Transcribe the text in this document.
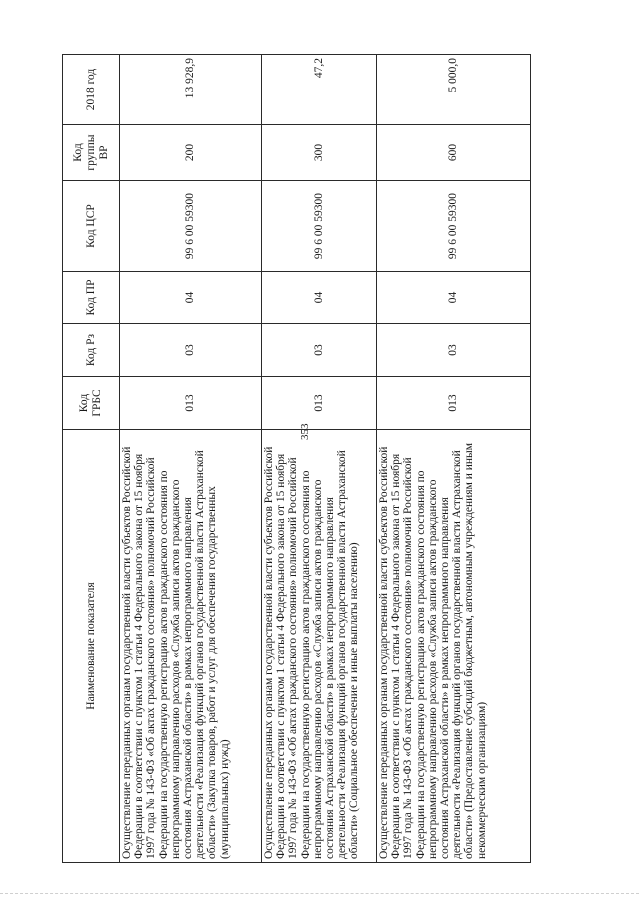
353
Наименование показателя	Код ГРБС	Код Рз	Код ПР	Код ЦСР	Код группы ВР	2018 год
Осуществление переданных органам государственной власти субъектов Российской Федерации в соответствии с пунктом 1 статьи 4 Федерального закона от 15 ноября 1997 года № 143-ФЗ «Об актах гражданского состояния» полномочий Российской Федерации на государственную регистрацию актов гражданского состояния по непрограммному направлению расходов «Служба записи актов гражданского состояния Астраханской области» в рамках непрограммного направления деятельности «Реализация функций органов государственной власти Астраханской области» (Закупка товаров, работ и услуг для обеспечения государственных (муниципальных) нужд)	013	03	04	99 6 00 59300	200	13 928,9
Осуществление переданных органам государственной власти субъектов Российской Федерации в соответствии с пунктом 1 статьи 4 Федерального закона от 15 ноября 1997 года № 143-ФЗ «Об актах гражданского состояния» полномочий Российской Федерации на государственную регистрацию актов гражданского состояния по непрограммному направлению расходов «Служба записи актов гражданского состояния Астраханской области» в рамках непрограммного направления деятельности «Реализация функций органов государственной власти Астраханской области» (Социальное обеспечение и иные выплаты населению)	013	03	04	99 6 00 59300	300	47,2
Осуществление переданных органам государственной власти субъектов Российской Федерации в соответствии с пунктом 1 статьи 4 Федерального закона от 15 ноября 1997 года № 143-ФЗ «Об актах гражданского состояния» полномочий Российской Федерации на государственную регистрацию актов гражданского состояния по непрограммному направлению расходов «Служба записи актов гражданского состояния Астраханской области» в рамках непрограммного направления деятельности «Реализация функций органов государственной власти Астраханской области» (Предоставление субсидий бюджетным, автономным учреждениям и иным некоммерческим организациям)	013	03	04	99 6 00 59300	600	5 000,0
